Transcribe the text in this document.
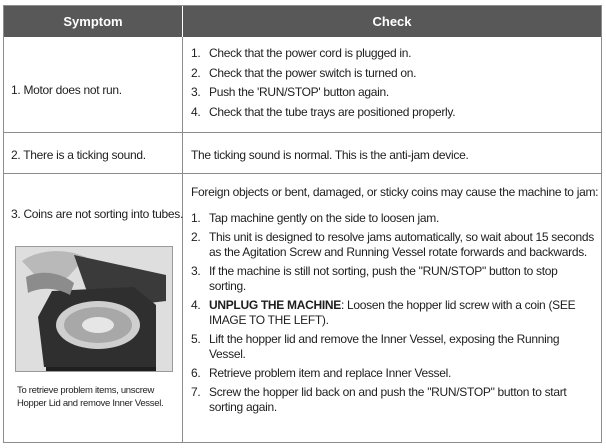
Symptom	Check
1. Motor does not run.
1. Check that the power cord is plugged in.
2. Check that the power switch is turned on.
3. Push the 'RUN/STOP' button again.
4. Check that the tube trays are positioned properly.
2. There is a ticking sound.	The ticking sound is normal. This is the anti-jam device.
3. Coins are not sorting into tubes.
Foreign objects or bent, damaged, or sticky coins may cause the machine to jam:
To retrieve problem items, unscrew
Hopper Lid and remove Inner Vessel.
1. Tap machine gently on the side to loosen jam.
2. This unit is designed to resolve jams automatically, so wait about 15 seconds
as the Agitation Screw and Running Vessel rotate forwards and backwards.
3. If the machine is still not sorting, push the "RUN/STOP" button to stop
sorting.
4. UNPLUG THE MACHINE: Loosen the hopper lid screw with a coin (SEE
IMAGE TO THE LEFT).
5. Lift the hopper lid and remove the Inner Vessel, exposing the Running
Vessel.
6. Retrieve problem item and replace Inner Vessel.
7. Screw the hopper lid back on and push the "RUN/STOP" button to start
sorting again.
